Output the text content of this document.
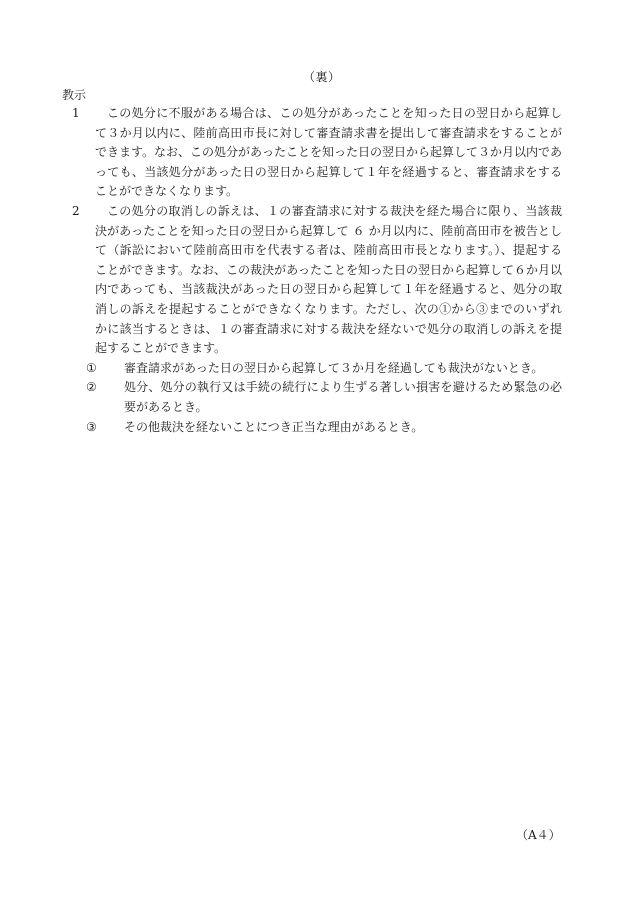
（裏）
教示
1	この処分に不服がある場合は、この処分があったことを知った日の翌日から起算して３か月以内に、陸前高田市長に対して審査請求書を提出して審査請求をすることができます。なお、この処分があったことを知った日の翌日から起算して３か月以内であっても、当該処分があった日の翌日から起算して１年を経過すると、審査請求をすることができなくなります。
2	この処分の取消しの訴えは、１の審査請求に対する裁決を経た場合に限り、当該裁決があったことを知った日の翌日から起算して ６ か月以内に、陸前高田市を被告として（訴訟において陸前高田市を代表する者は、陸前高田市長となります。）、提起することができます。なお、この裁決があったことを知った日の翌日から起算して６か月以内であっても、当該裁決があった日の翌日から起算して１年を経過すると、処分の取消しの訴えを提起することができなくなります。ただし、次の①から③までのいずれかに該当するときは、１の審査請求に対する裁決を経ないで処分の取消しの訴えを提起することができます。
① 審査請求があった日の翌日から起算して３か月を経過しても裁決がないとき。
② 処分、処分の執行又は手続の続行により生ずる著しい損害を避けるため緊急の必要があるとき。
③ その他裁決を経ないことにつき正当な理由があるとき。
（A４）
